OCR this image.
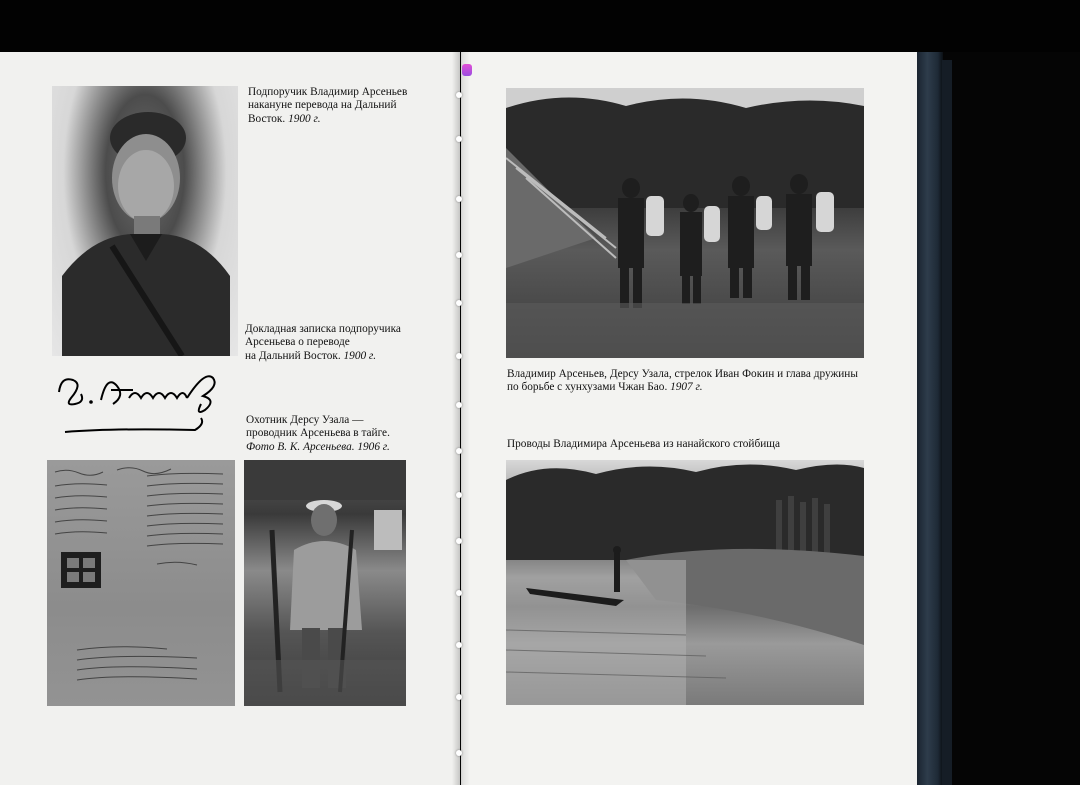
Подпоручик Владимир Арсеньев
накануне перевода на Дальний
Восток. 1900 г.

Докладная записка подпоручика
Арсеньева о переводе
на Дальний Восток. 1900 г.

Охотник Дерсу Узала —
проводник Арсеньева в тайге.
Фото В. К. Арсеньева. 1906 г.

Владимир Арсеньев, Дерсу Узала, стрелок Иван Фокин и глава дружины
по борьбе с хунхузами Чжан Бао. 1907 г.

Проводы Владимира Арсеньева из нанайского стойбища
